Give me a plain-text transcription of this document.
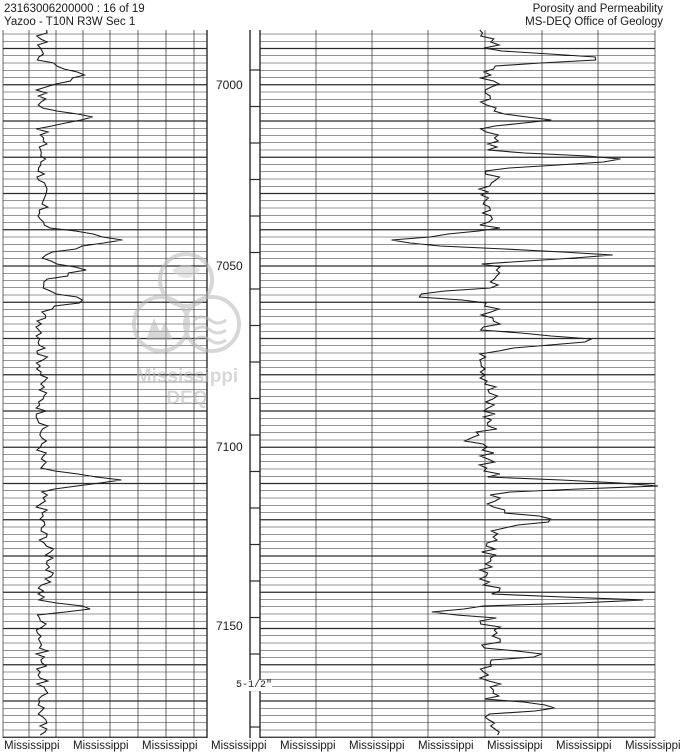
23163006200000 : 16 of 19
Yazoo - T10N R3W Sec 1
Porosity and Permeability
MS-DEQ Office of Geology
Mississippi
DEQ
7000
7050
7100
7150
5-1/2"
Mississippi Mississippi Mississippi Mississippi Mississippi Mississippi Mississippi Mississippi Mississippi Mississippi
